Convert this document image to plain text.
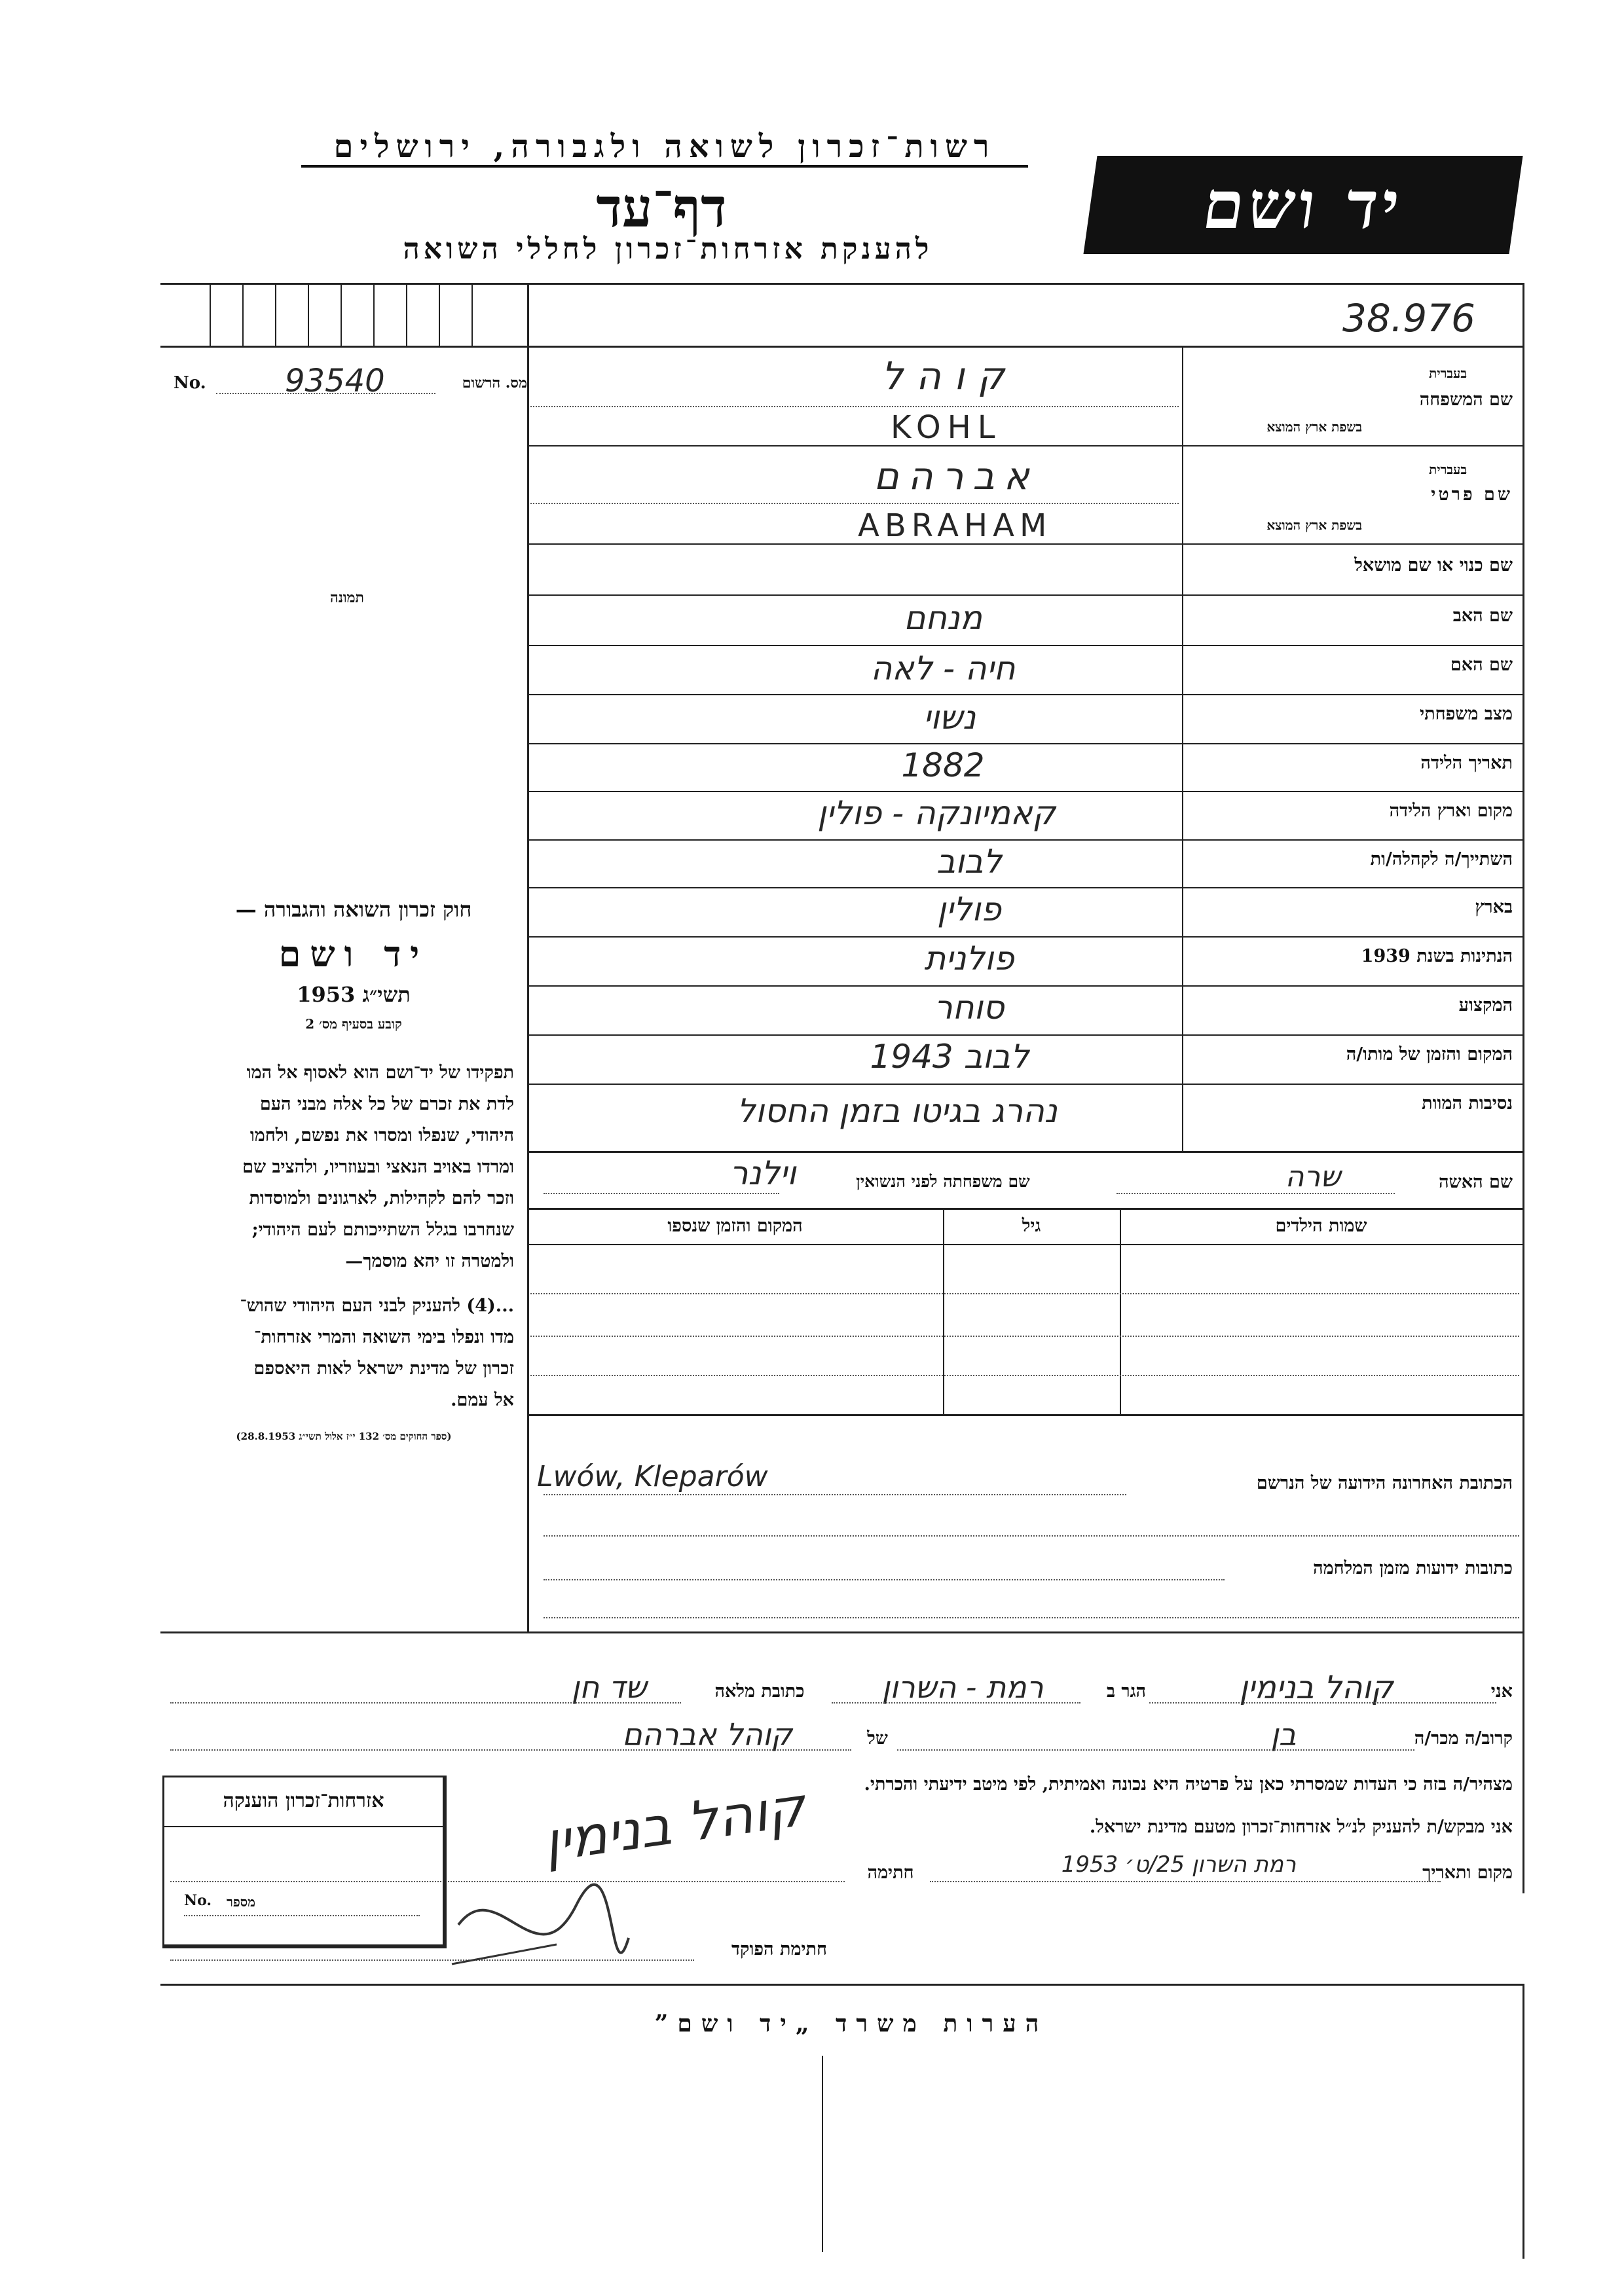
רשות־זכרון לשואה ולגבורה, ירושלים
דף־עד
להענקת אזרחות־זכרון לחללי השואה
יד ושם
38.976
No.	93540	מס. הרשום
תמונה
חוק זכרון השואה והגבורה —
יד ושם
תשי״ג 1953
קובע בסעיף מס׳ 2
תפקידו של יד־ושם הוא לאסוף אל המו
לדת את זכרם של כל אלה מבני העם
היהודי, שנפלו ומסרו את נפשם, ולחמו
ומרדו באויב הנאצי ובעוזריו, ולהציב שם
וזכר להם לקהילות, לארגונים ולמוסדות
שנחרבו בגלל השתייכותם לעם היהודי;
ולמטרה זו יהא מוסמך—
...(4) להעניק לבני העם היהודי שהוש־
מדו ונפלו בימי השואה והמרי אזרחות־
זכרון של מדינת ישראל לאות היאספם
אל עמם.
(ספר החוקים מס׳ 132 י״ז אלול תשי״ג 28.8.1953)
שם המשפחה
בעברית
בשפת ארץ המוצא
קוהל
KOHL
שם פרטי
בעברית
בשפת ארץ המוצא
אברהם
ABRAHAM
שם כנוי או שם מושאל
שם האב
מנחם
שם האם
חיה - לאה
מצב משפחתי
נשוי
תאריך הלידה
1882
מקום וארץ הלידה
קאמיונקה - פולין
השתייך/ה לקהלה/ות
לבוב
בארץ
פולין
הנתינות בשנת 1939
פולנית
המקצוע
סוחר
המקום והזמן של מותו/ה
לבוב 1943
נסיבות המוות
נהרג בגיטו בזמן החסול
שם האשה
שרה
שם משפחתה לפני הנשואין
וילנר
שמות הילדים
גיל
המקום והזמן שנספו
הכתובת האחרונה הידועה של הנרשם
Lwów, Kleparów
כתובות ידועות מזמן המלחמה
אני
קוהל בנימין
הגר ב
רמת - השרון
כתובת מלאה
שד חן
קרוב/ה מכר/ה
בן
של
קוהל אברהם
מצהיר/ה בזה כי העדות שמסרתי כאן על פרטיה היא נכונה ואמיתית, לפי מיטב ידיעתי והכרתי.
אני מבקש/ת להעניק לנ״ל אזרחות־זכרון מטעם מדינת ישראל.
מקום ותאריך
רמת השרון 25/ט׳ 1953
חתימה
קוהל בנימין
חתימת הפוקד
אזרחות־זכרון הוענקה
No. מספר
הערות משרד „יד ושם”
